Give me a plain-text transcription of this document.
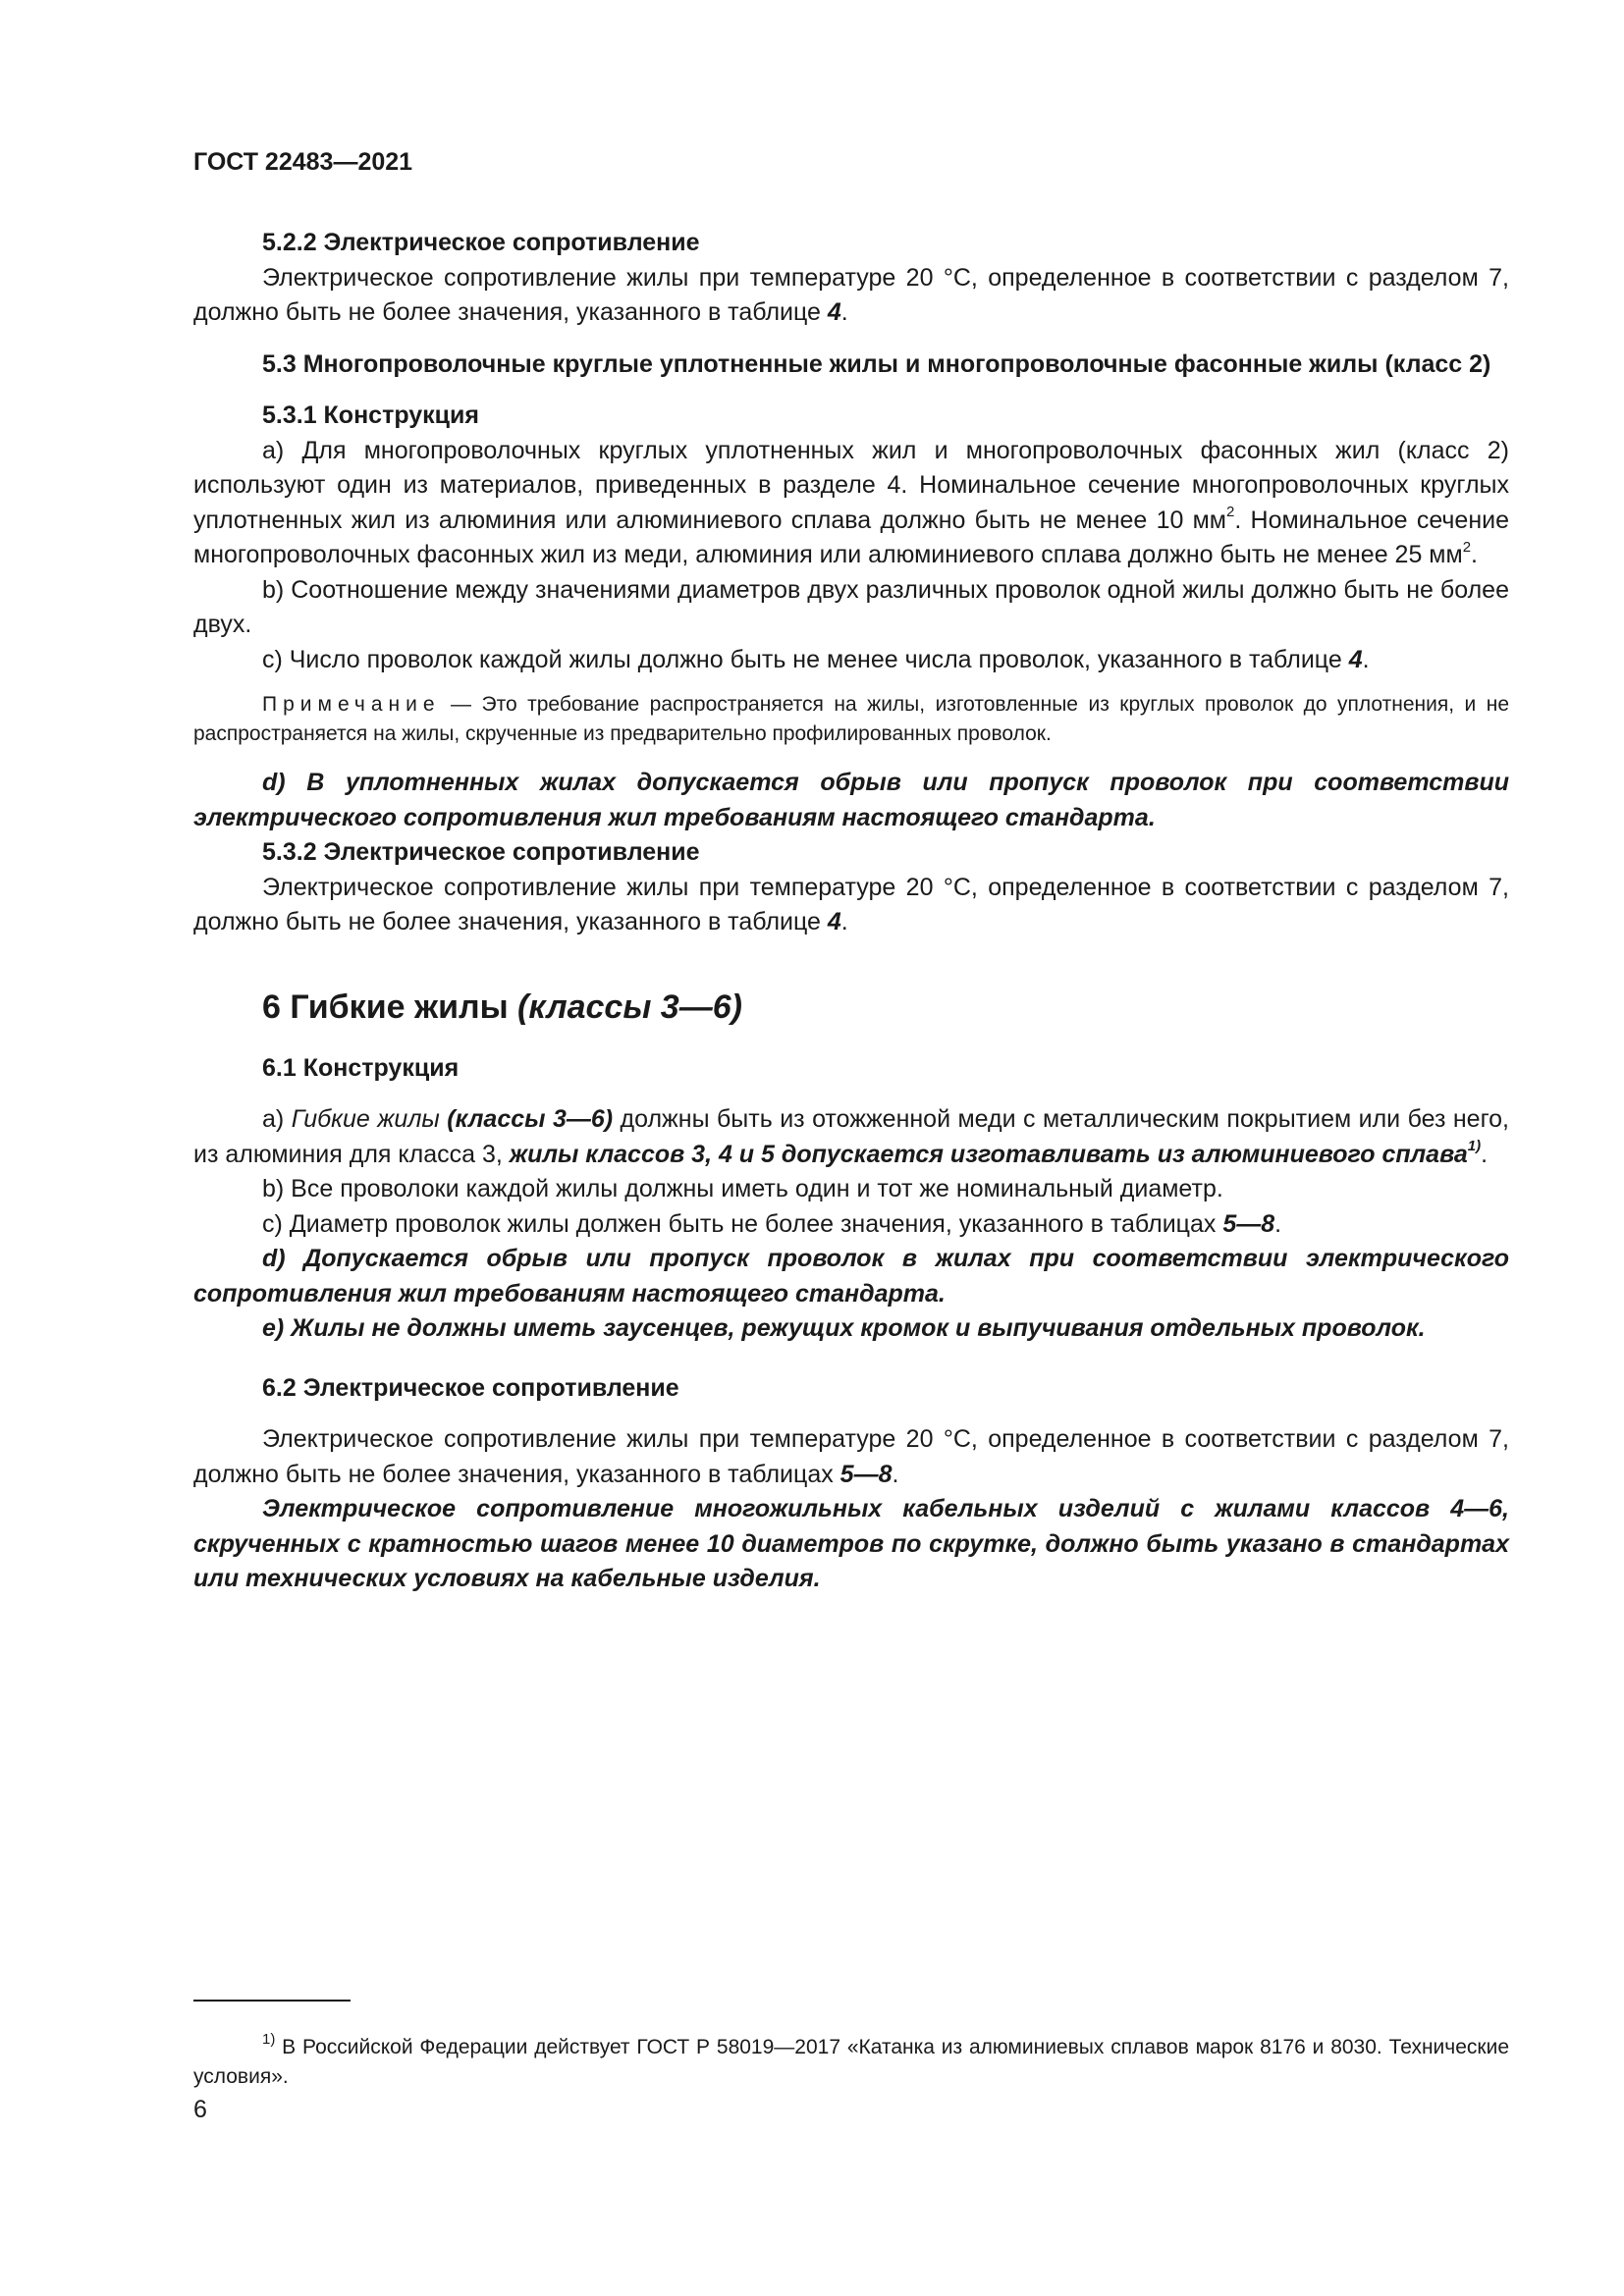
ГОСТ 22483—2021

5.2.2 Электрическое сопротивление

Электрическое сопротивление жилы при температуре 20 °С, определенное в соответствии с разделом 7, должно быть не более значения, указанного в таблице 4.

5.3 Многопроволочные круглые уплотненные жилы и многопроволочные фасонные жилы (класс 2)

5.3.1 Конструкция

a) Для многопроволочных круглых уплотненных жил и многопроволочных фасонных жил (класс 2) используют один из материалов, приведенных в разделе 4. Номинальное сечение многопроволочных круглых уплотненных жил из алюминия или алюминиевого сплава должно быть не менее 10 $мм^2$. Номинальное сечение многопроволочных фасонных жил из меди, алюминия или алюминиевого сплава должно быть не менее 25 $мм^2$.

b) Соотношение между значениями диаметров двух различных проволок одной жилы должно быть не более двух.

c) Число проволок каждой жилы должно быть не менее числа проволок, указанного в таблице 4.

Примечание — Это требование распространяется на жилы, изготовленные из круглых проволок до уплотнения, и не распространяется на жилы, скрученные из предварительно профилированных проволок.

d) В уплотненных жилах допускается обрыв или пропуск проволок при соответствии электрического сопротивления жил требованиям настоящего стандарта.

5.3.2 Электрическое сопротивление

Электрическое сопротивление жилы при температуре 20 °С, определенное в соответствии с разделом 7, должно быть не более значения, указанного в таблице 4.

6 Гибкие жилы (классы 3—6)

6.1 Конструкция

a) Гибкие жилы (классы 3—6) должны быть из отожженной меди с металлическим покрытием или без него, из алюминия для класса 3, жилы классов 3, 4 и 5 допускается изготавливать из алюминиевого сплава$^{1)}$.

b) Все проволоки каждой жилы должны иметь один и тот же номинальный диаметр.

c) Диаметр проволок жилы должен быть не более значения, указанного в таблицах 5—8.

d) Допускается обрыв или пропуск проволок в жилах при соответствии электрического сопротивления жил требованиям настоящего стандарта.

e) Жилы не должны иметь заусенцев, режущих кромок и выпучивания отдельных проволок.

6.2 Электрическое сопротивление

Электрическое сопротивление жилы при температуре 20 °С, определенное в соответствии с разделом 7, должно быть не более значения, указанного в таблицах 5—8.

Электрическое сопротивление многожильных кабельных изделий с жилами классов 4—6, скрученных с кратностью шагов менее 10 диаметров по скрутке, должно быть указано в стандартах или технических условиях на кабельные изделия.

$^{1)}$ В Российской Федерации действует ГОСТ Р 58019—2017 «Катанка из алюминиевых сплавов марок 8176 и 8030. Технические условия».

6
